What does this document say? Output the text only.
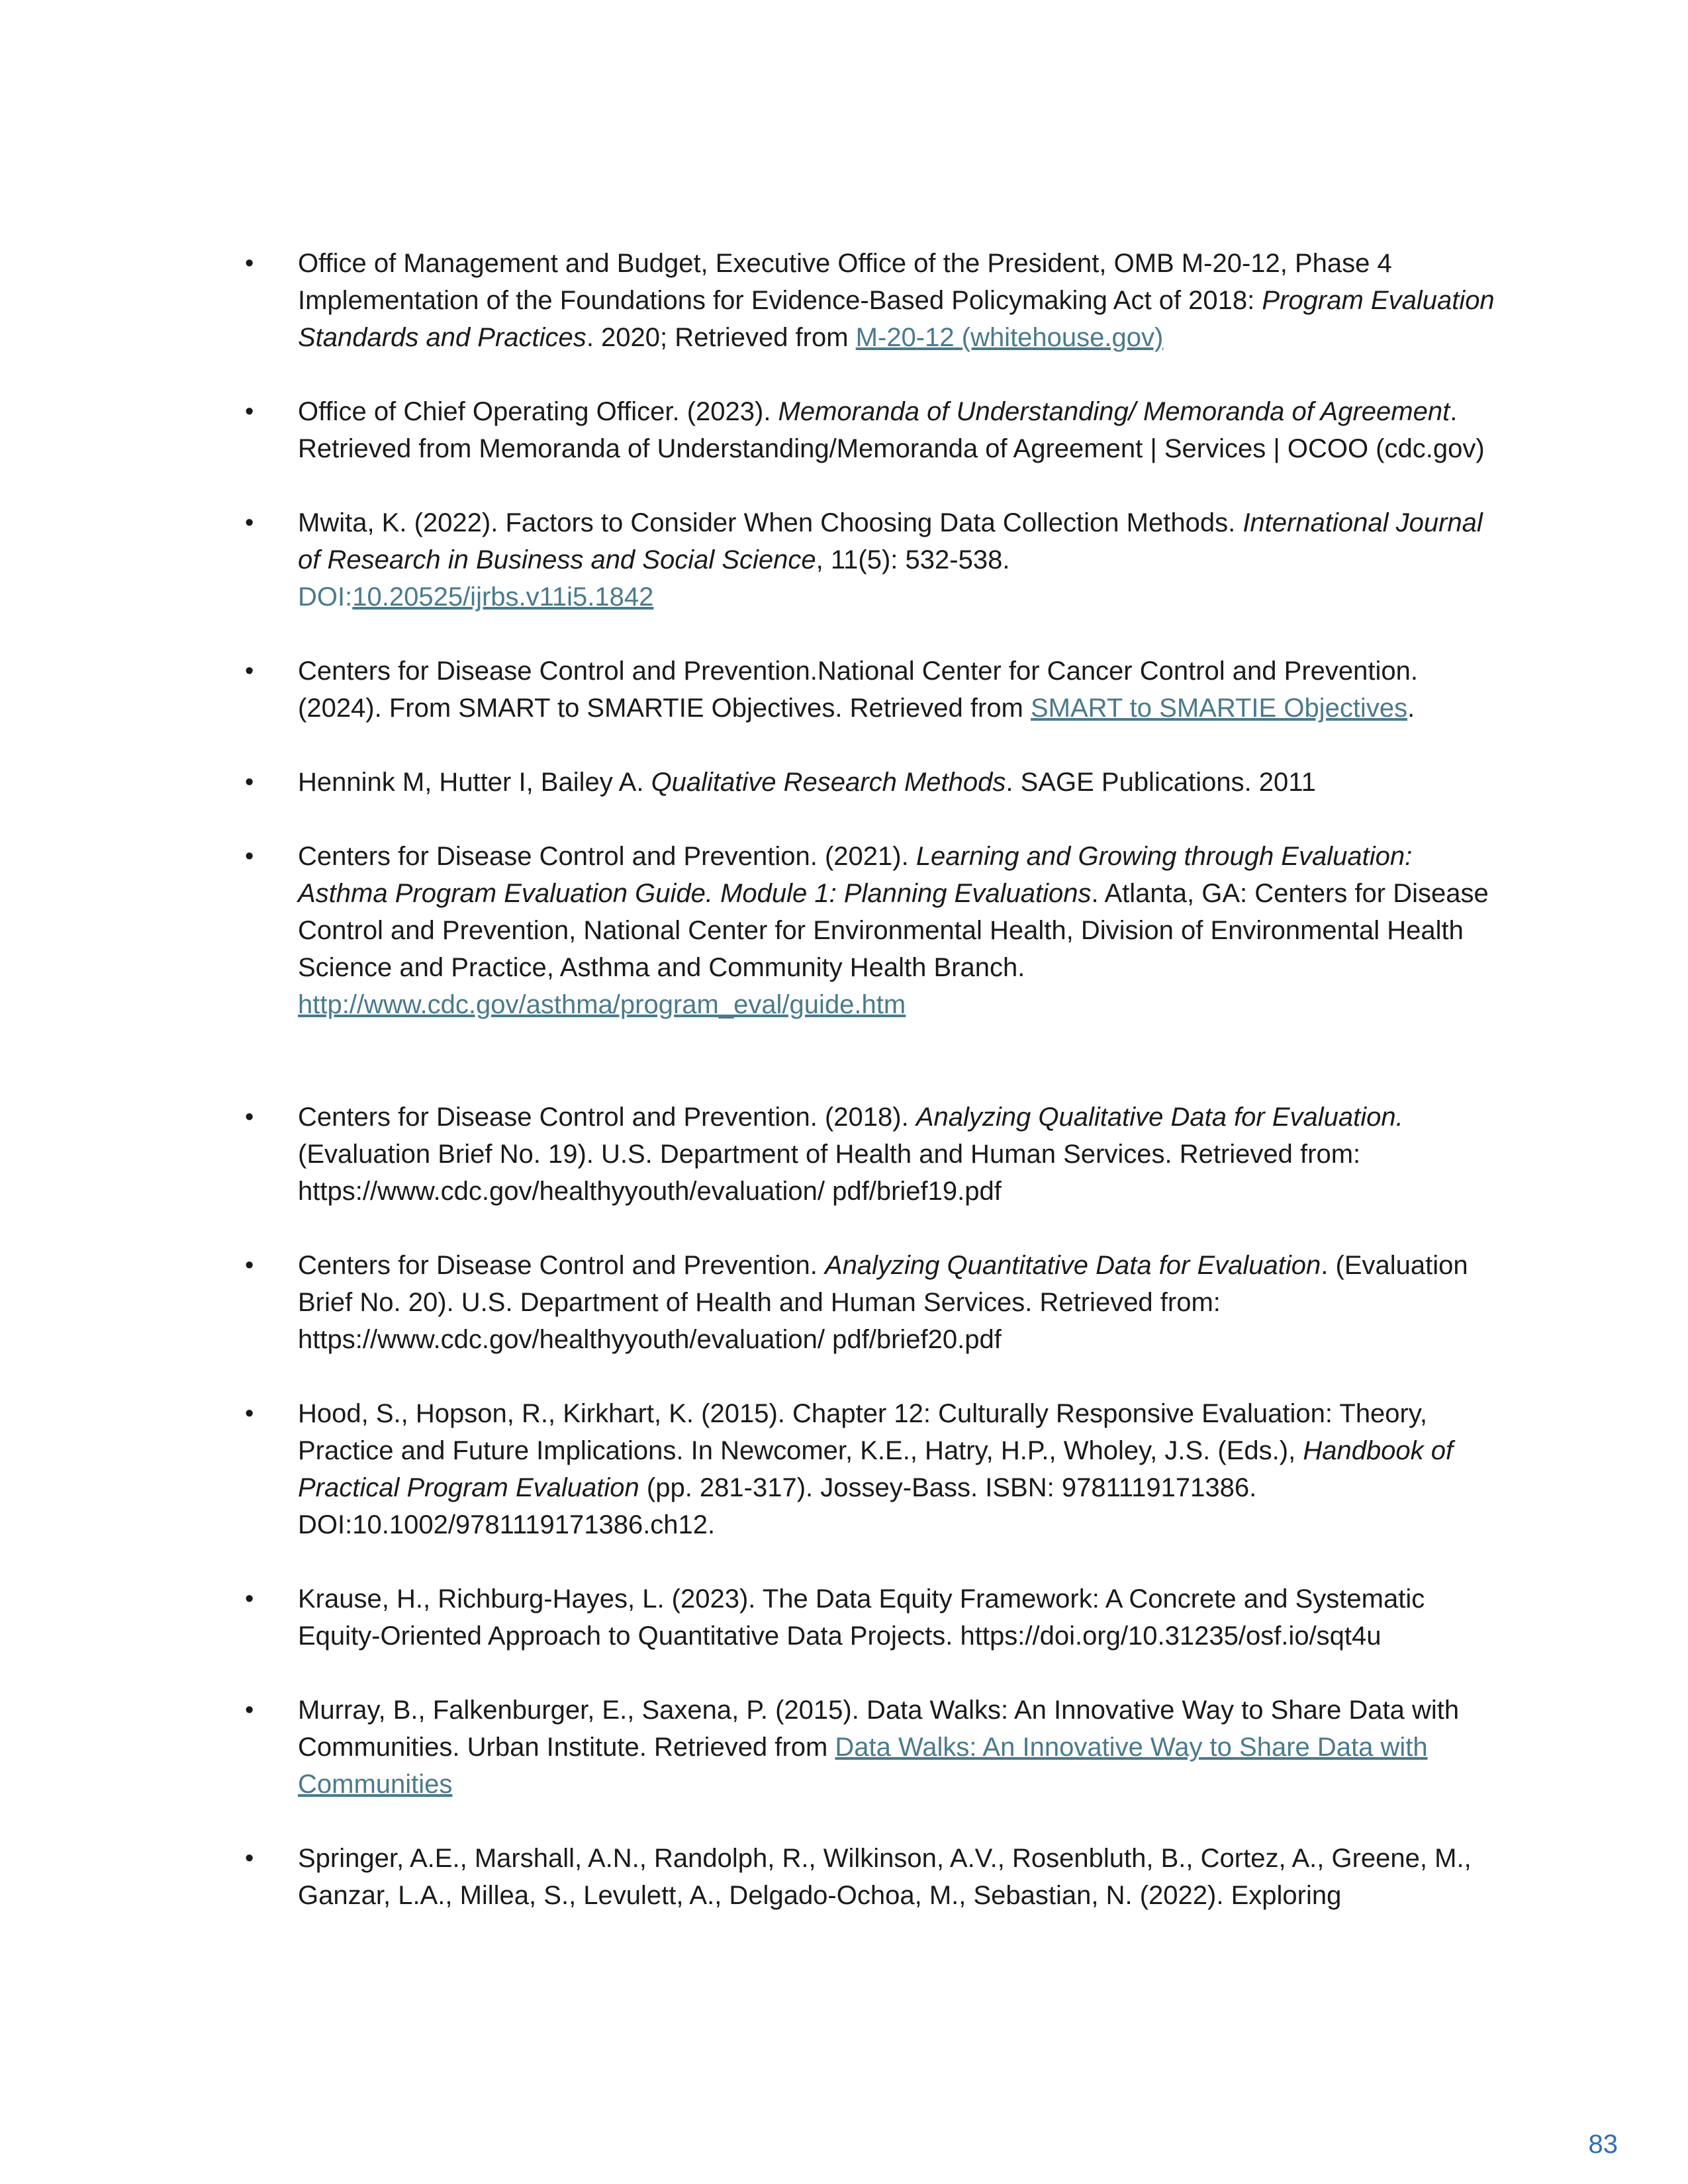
•	Office of Management and Budget, Executive Office of the President, OMB M-20-12, Phase 4 Implementation of the Foundations for Evidence-Based Policymaking Act of 2018: Program Evaluation Standards and Practices. 2020; Retrieved from M-20-12 (whitehouse.gov)
•	Office of Chief Operating Officer. (2023). Memoranda of Understanding/ Memoranda of Agreement. Retrieved from Memoranda of Understanding/Memoranda of Agreement | Services | OCOO (cdc.gov)
•	Mwita, K. (2022). Factors to Consider When Choosing Data Collection Methods. International Journal of Research in Business and Social Science, 11(5): 532-538.
DOI:10.20525/ijrbs.v11i5.1842
•	Centers for Disease Control and Prevention.National Center for Cancer Control and Prevention. (2024). From SMART to SMARTIE Objectives. Retrieved from SMART to SMARTIE Objectives.
•	Hennink M, Hutter I, Bailey A. Qualitative Research Methods. SAGE Publications. 2011
•	Centers for Disease Control and Prevention. (2021). Learning and Growing through Evaluation: Asthma Program Evaluation Guide. Module 1: Planning Evaluations. Atlanta, GA: Centers for Disease Control and Prevention, National Center for Environmental Health, Division of Environmental Health Science and Practice, Asthma and Community Health Branch.
http://www.cdc.gov/asthma/program_eval/guide.htm
•	Centers for Disease Control and Prevention. (2018). Analyzing Qualitative Data for Evaluation. (Evaluation Brief No. 19). U.S. Department of Health and Human Services. Retrieved from: https://www.cdc.gov/healthyyouth/evaluation/ pdf/brief19.pdf
•	Centers for Disease Control and Prevention. Analyzing Quantitative Data for Evaluation. (Evaluation Brief No. 20). U.S. Department of Health and Human Services. Retrieved from: https://www.cdc.gov/healthyyouth/evaluation/ pdf/brief20.pdf
•	Hood, S., Hopson, R., Kirkhart, K. (2015). Chapter 12: Culturally Responsive Evaluation: Theory, Practice and Future Implications. In Newcomer, K.E., Hatry, H.P., Wholey, J.S. (Eds.), Handbook of Practical Program Evaluation (pp. 281-317). Jossey-Bass. ISBN: 9781119171386. DOI:10.1002/9781119171386.ch12.
•	Krause, H., Richburg-Hayes, L. (2023). The Data Equity Framework: A Concrete and Systematic Equity-Oriented Approach to Quantitative Data Projects. https://doi.org/10.31235/osf.io/sqt4u
•	Murray, B., Falkenburger, E., Saxena, P. (2015). Data Walks: An Innovative Way to Share Data with Communities. Urban Institute. Retrieved from Data Walks: An Innovative Way to Share Data with Communities
•	Springer, A.E., Marshall, A.N., Randolph, R., Wilkinson, A.V., Rosenbluth, B., Cortez, A., Greene, M., Ganzar, L.A., Millea, S., Levulett, A., Delgado-Ochoa, M., Sebastian, N. (2022). Exploring
83
